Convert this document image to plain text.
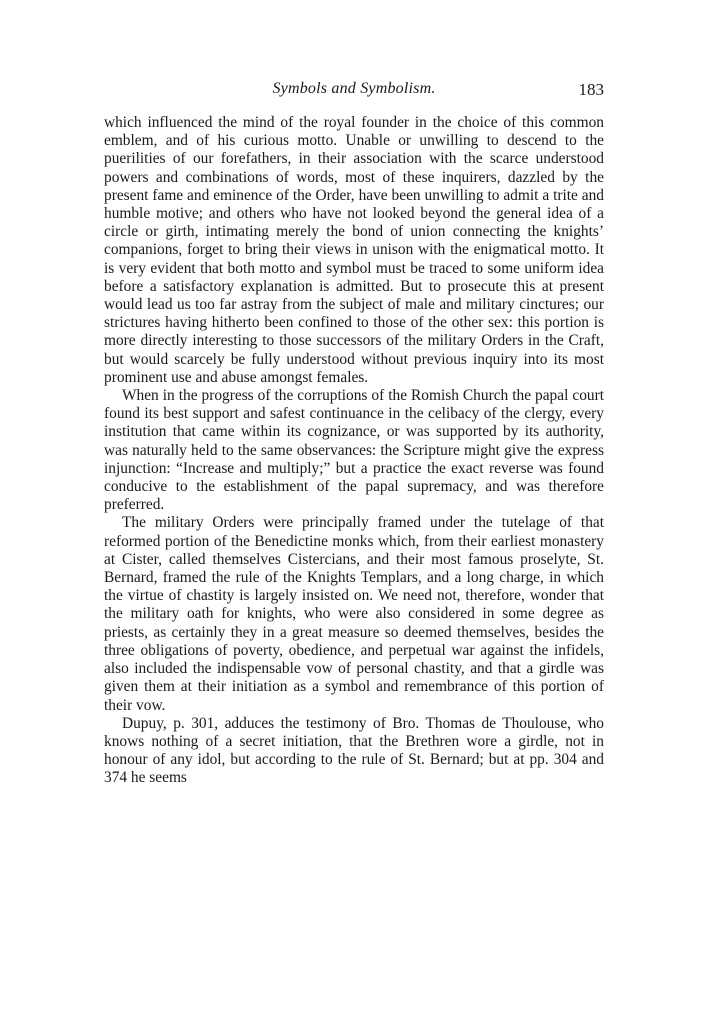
Symbols and Symbolism.	183

which influenced the mind of the royal founder in the choice of this common emblem, and of his curious motto. Unable or unwilling to descend to the puerilities of our forefathers, in their association with the scarce understood powers and combinations of words, most of these inquirers, dazzled by the present fame and eminence of the Order, have been unwilling to admit a trite and humble motive; and others who have not looked beyond the general idea of a circle or girth, intimating merely the bond of union connecting the knights’ companions, forget to bring their views in unison with the enigmatical motto. It is very evident that both motto and symbol must be traced to some uniform idea before a satisfactory explanation is admitted. But to prosecute this at present would lead us too far astray from the subject of male and military cinctures; our strictures having hitherto been confined to those of the other sex: this portion is more directly interesting to those successors of the military Orders in the Craft, but would scarcely be fully understood without previous inquiry into its most prominent use and abuse amongst females.

When in the progress of the corruptions of the Romish Church the papal court found its best support and safest continuance in the celibacy of the clergy, every institution that came within its cognizance, or was supported by its authority, was naturally held to the same observances: the Scripture might give the express injunction: “Increase and multiply;” but a practice the exact reverse was found conducive to the establishment of the papal supremacy, and was therefore preferred.

The military Orders were principally framed under the tutelage of that reformed portion of the Benedictine monks which, from their earliest monastery at Cister, called themselves Cistercians, and their most famous proselyte, St. Bernard, framed the rule of the Knights Templars, and a long charge, in which the virtue of chastity is largely insisted on. We need not, therefore, wonder that the military oath for knights, who were also considered in some degree as priests, as certainly they in a great measure so deemed themselves, besides the three obligations of poverty, obedience, and perpetual war against the infidels, also included the indispensable vow of personal chastity, and that a girdle was given them at their initiation as a symbol and remembrance of this portion of their vow.

Dupuy, p. 301, adduces the testimony of Bro. Thomas de Thoulouse, who knows nothing of a secret initiation, that the Brethren wore a girdle, not in honour of any idol, but according to the rule of St. Bernard; but at pp. 304 and 374 he seems
